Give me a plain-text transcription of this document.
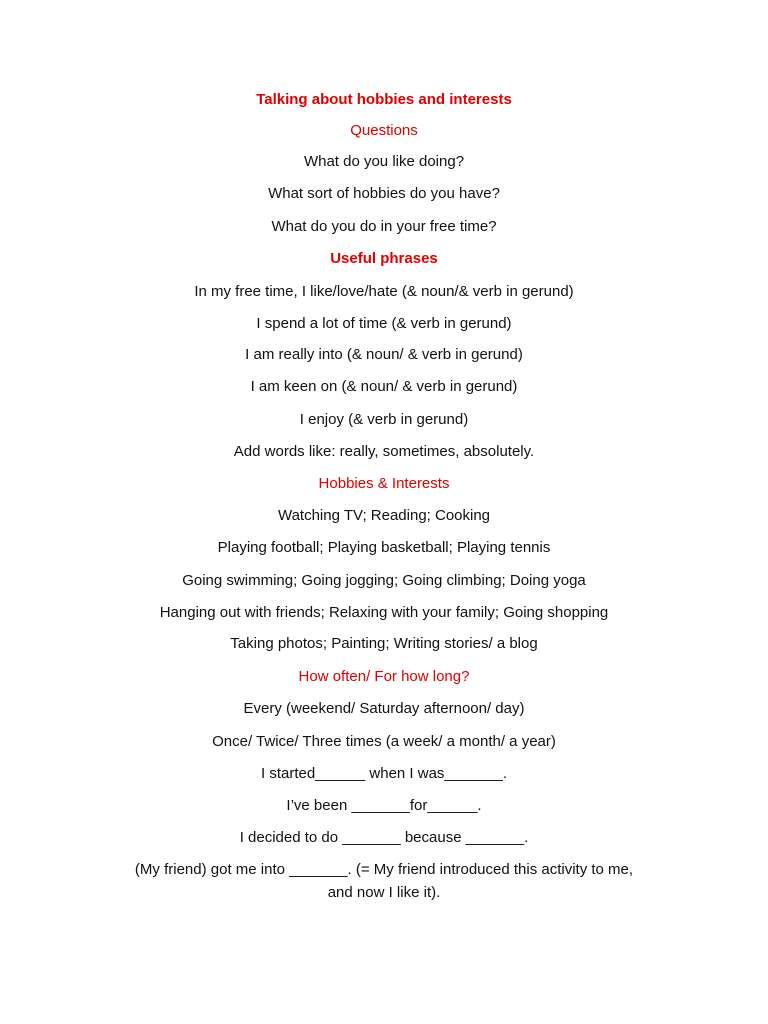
Talking about hobbies and interests
Questions
What do you like doing?
What sort of hobbies do you have?
What do you do in your free time?
Useful phrases
In my free time, I like/love/hate (& noun/& verb in gerund)
I spend a lot of time (& verb in gerund)
I am really into (& noun/ & verb in gerund)
I am keen on (& noun/ & verb in gerund)
I enjoy (& verb in gerund)
Add words like: really, sometimes, absolutely.
Hobbies & Interests
Watching TV; Reading; Cooking
Playing football; Playing basketball; Playing tennis
Going swimming; Going jogging; Going climbing; Doing yoga
Hanging out with friends; Relaxing with your family; Going shopping
Taking photos; Painting; Writing stories/ a blog
How often/ For how long?
Every (weekend/ Saturday afternoon/ day)
Once/ Twice/ Three times (a week/ a month/ a year)
I started______ when I was_______.
I’ve been _______for______.
I decided to do _______ because _______.
(My friend) got me into _______. (= My friend introduced this activity to me,
and now I like it).
